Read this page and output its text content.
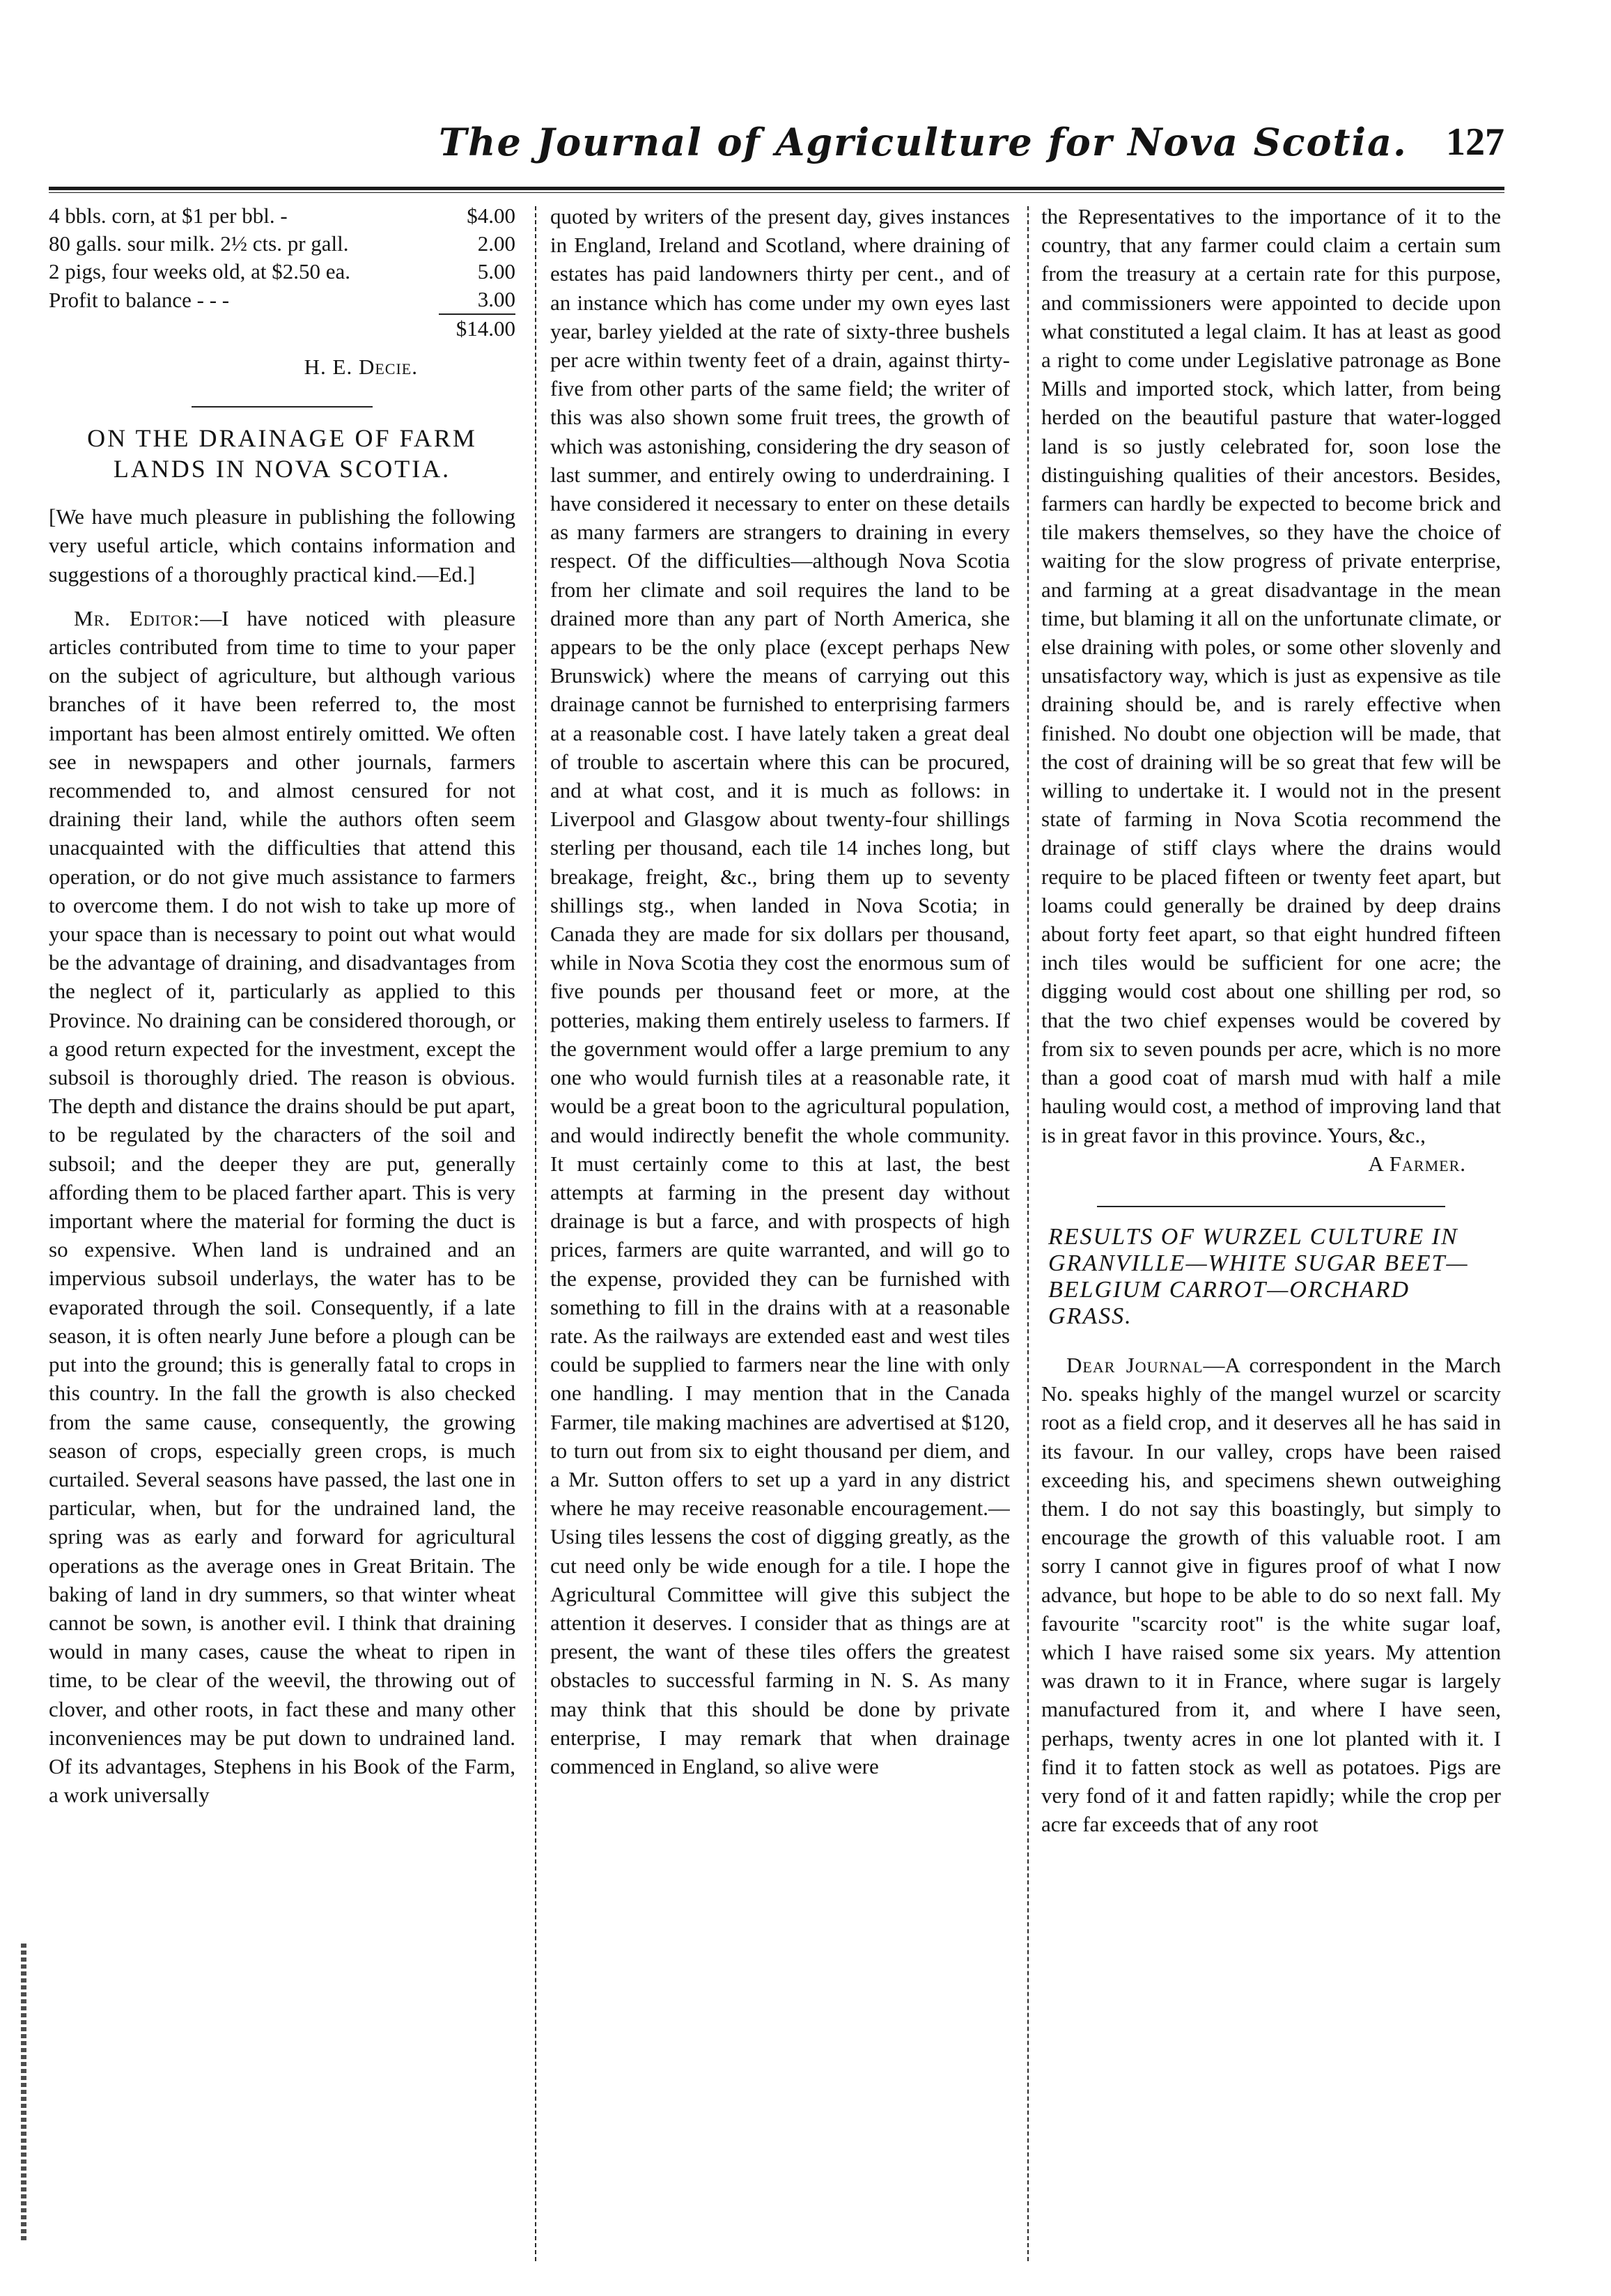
The Journal of Agriculture for Nova Scotia. 127
4 bbls. corn, at $1 per bbl. -	$4.00
80 galls. sour milk. 2½ cts. pr gall.	2.00
2 pigs, four weeks old, at $2.50 ea.	5.00
Profit to balance - - -	3.00
	$14.00
H. E. Decie.
ON THE DRAINAGE OF FARM LANDS IN NOVA SCOTIA.

[We have much pleasure in publishing the following very useful article, which contains information and suggestions of a thoroughly practical kind.—Ed.]

Mr. Editor:—I have noticed with pleasure articles contributed from time to time to your paper on the subject of agriculture, but although various branches of it have been referred to, the most important has been almost entirely omitted. We often see in newspapers and other journals, farmers recommended to, and almost censured for not draining their land, while the authors often seem unacquainted with the difficulties that attend this operation, or do not give much assistance to farmers to overcome them. I do not wish to take up more of your space than is necessary to point out what would be the advantage of draining, and disadvantages from the neglect of it, particularly as applied to this Province. No draining can be considered thorough, or a good return expected for the investment, except the subsoil is thoroughly dried. The reason is obvious. The depth and distance the drains should be put apart, to be regulated by the characters of the soil and subsoil; and the deeper they are put, generally affording them to be placed farther apart. This is very important where the material for forming the duct is so expensive. When land is undrained and an impervious subsoil underlays, the water has to be evaporated through the soil. Consequently, if a late season, it is often nearly June before a plough can be put into the ground; this is generally fatal to crops in this country. In the fall the growth is also checked from the same cause, consequently, the growing season of crops, especially green crops, is much curtailed. Several seasons have passed, the last one in particular, when, but for the undrained land, the spring was as early and forward for agricultural operations as the average ones in Great Britain. The baking of land in dry summers, so that winter wheat cannot be sown, is another evil. I think that draining would in many cases, cause the wheat to ripen in time, to be clear of the weevil, the throwing out of clover, and other roots, in fact these and many other inconveniences may be put down to undrained land. Of its advantages, Stephens in his Book of the Farm, a work universally

quoted by writers of the present day, gives instances in England, Ireland and Scotland, where draining of estates has paid landowners thirty per cent., and of an instance which has come under my own eyes last year, barley yielded at the rate of sixty-three bushels per acre within twenty feet of a drain, against thirty-five from other parts of the same field; the writer of this was also shown some fruit trees, the growth of which was astonishing, considering the dry season of last summer, and entirely owing to underdraining. I have considered it necessary to enter on these details as many farmers are strangers to draining in every respect. Of the difficulties—although Nova Scotia from her climate and soil requires the land to be drained more than any part of North America, she appears to be the only place (except perhaps New Brunswick) where the means of carrying out this drainage cannot be furnished to enterprising farmers at a reasonable cost. I have lately taken a great deal of trouble to ascertain where this can be procured, and at what cost, and it is much as follows: in Liverpool and Glasgow about twenty-four shillings sterling per thousand, each tile 14 inches long, but breakage, freight, &c., bring them up to seventy shillings stg., when landed in Nova Scotia; in Canada they are made for six dollars per thousand, while in Nova Scotia they cost the enormous sum of five pounds per thousand feet or more, at the potteries, making them entirely useless to farmers. If the government would offer a large premium to any one who would furnish tiles at a reasonable rate, it would be a great boon to the agricultural population, and would indirectly benefit the whole community. It must certainly come to this at last, the best attempts at farming in the present day without drainage is but a farce, and with prospects of high prices, farmers are quite warranted, and will go to the expense, provided they can be furnished with something to fill in the drains with at a reasonable rate. As the railways are extended east and west tiles could be supplied to farmers near the line with only one handling. I may mention that in the Canada Farmer, tile making machines are advertised at $120, to turn out from six to eight thousand per diem, and a Mr. Sutton offers to set up a yard in any district where he may receive reasonable encouragement.—Using tiles lessens the cost of digging greatly, as the cut need only be wide enough for a tile. I hope the Agricultural Committee will give this subject the attention it deserves. I consider that as things are at present, the want of these tiles offers the greatest obstacles to successful farming in N. S. As many may think that this should be done by private enterprise, I may remark that when drainage commenced in England, so alive were

the Representatives to the importance of it to the country, that any farmer could claim a certain sum from the treasury at a certain rate for this purpose, and commissioners were appointed to decide upon what constituted a legal claim. It has at least as good a right to come under Legislative patronage as Bone Mills and imported stock, which latter, from being herded on the beautiful pasture that water-logged land is so justly celebrated for, soon lose the distinguishing qualities of their ancestors. Besides, farmers can hardly be expected to become brick and tile makers themselves, so they have the choice of waiting for the slow progress of private enterprise, and farming at a great disadvantage in the mean time, but blaming it all on the unfortunate climate, or else draining with poles, or some other slovenly and unsatisfactory way, which is just as expensive as tile draining should be, and is rarely effective when finished. No doubt one objection will be made, that the cost of draining will be so great that few will be willing to undertake it. I would not in the present state of farming in Nova Scotia recommend the drainage of stiff clays where the drains would require to be placed fifteen or twenty feet apart, but loams could generally be drained by deep drains about forty feet apart, so that eight hundred fifteen inch tiles would be sufficient for one acre; the digging would cost about one shilling per rod, so that the two chief expenses would be covered by from six to seven pounds per acre, which is no more than a good coat of marsh mud with half a mile hauling would cost, a method of improving land that is in great favor in this province. Yours, &c.,

A Farmer.

RESULTS OF WURZEL CULTURE IN GRANVILLE—WHITE SUGAR BEET—BELGIUM CARROT—ORCHARD GRASS.

Dear Journal—A correspondent in the March No. speaks highly of the mangel wurzel or scarcity root as a field crop, and it deserves all he has said in its favour. In our valley, crops have been raised exceeding his, and specimens shewn outweighing them. I do not say this boastingly, but simply to encourage the growth of this valuable root. I am sorry I cannot give in figures proof of what I now advance, but hope to be able to do so next fall. My favourite "scarcity root" is the white sugar loaf, which I have raised some six years. My attention was drawn to it in France, where sugar is largely manufactured from it, and where I have seen, perhaps, twenty acres in one lot planted with it. I find it to fatten stock as well as potatoes. Pigs are very fond of it and fatten rapidly; while the crop per acre far exceeds that of any root
